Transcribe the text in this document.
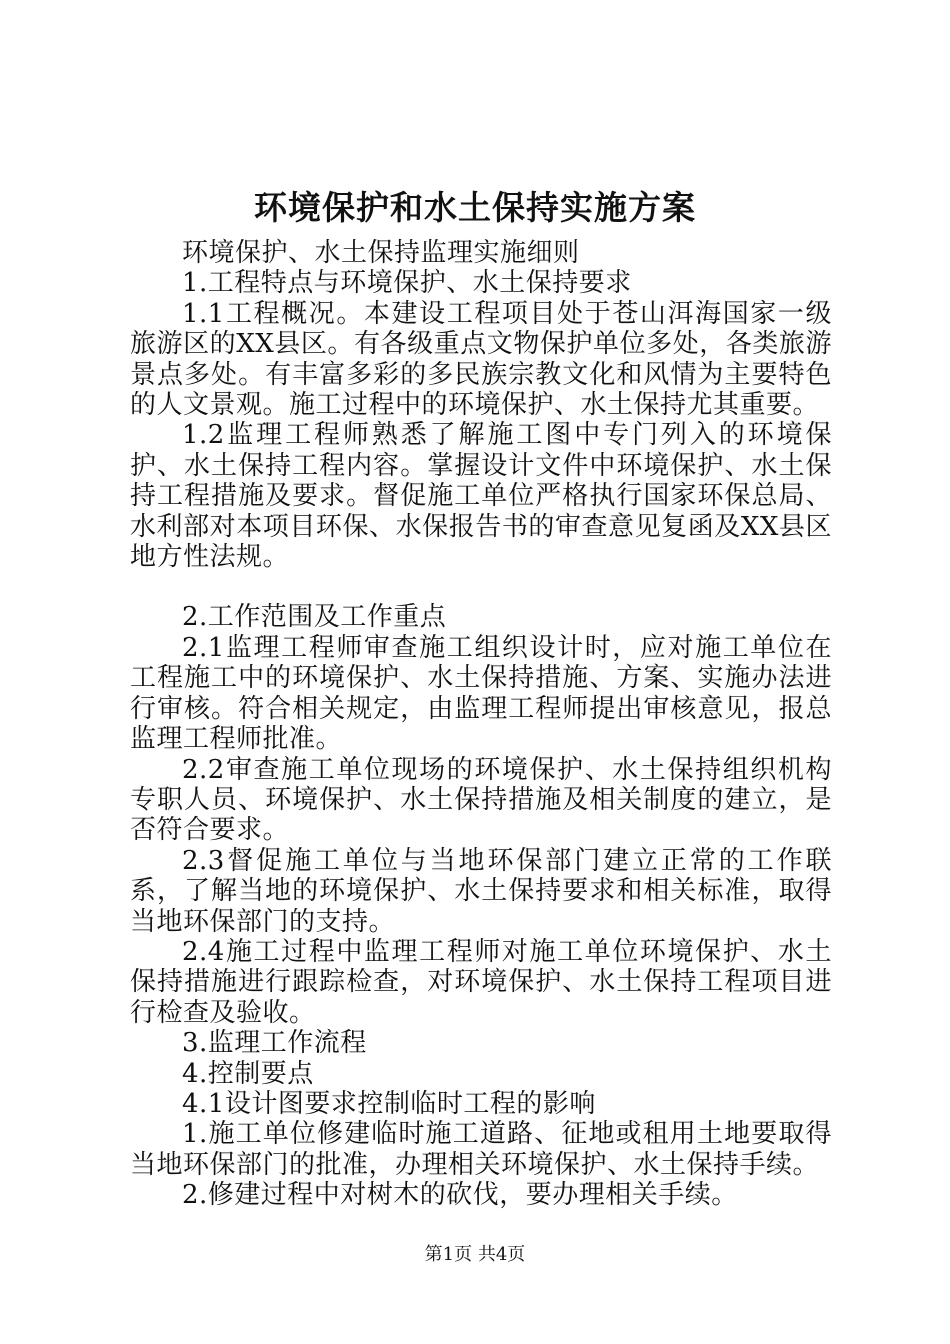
环境保护和水土保持实施方案

环境保护、水土保持监理实施细则

1.工程特点与环境保护、水土保持要求

1.1工程概况。本建设工程项目处于苍山洱海国家一级旅游区的XX县区。有各级重点文物保护单位多处，各类旅游景点多处。有丰富多彩的多民族宗教文化和风情为主要特色的人文景观。施工过程中的环境保护、水土保持尤其重要。

1.2监理工程师熟悉了解施工图中专门列入的环境保护、水土保持工程内容。掌握设计文件中环境保护、水土保持工程措施及要求。督促施工单位严格执行国家环保总局、水利部对本项目环保、水保报告书的审查意见复函及XX县区地方性法规。

2.工作范围及工作重点

2.1监理工程师审查施工组织设计时，应对施工单位在工程施工中的环境保护、水土保持措施、方案、实施办法进行审核。符合相关规定，由监理工程师提出审核意见，报总监理工程师批准。

2.2审查施工单位现场的环境保护、水土保持组织机构专职人员、环境保护、水土保持措施及相关制度的建立，是否符合要求。

2.3督促施工单位与当地环保部门建立正常的工作联系，了解当地的环境保护、水土保持要求和相关标准，取得当地环保部门的支持。

2.4施工过程中监理工程师对施工单位环境保护、水土保持措施进行跟踪检查，对环境保护、水土保持工程项目进行检查及验收。

3.监理工作流程

4.控制要点

4.1设计图要求控制临时工程的影响

1.施工单位修建临时施工道路、征地或租用土地要取得当地环保部门的批准，办理相关环境保护、水土保持手续。

2.修建过程中对树木的砍伐，要办理相关手续。

第1页 共4页
